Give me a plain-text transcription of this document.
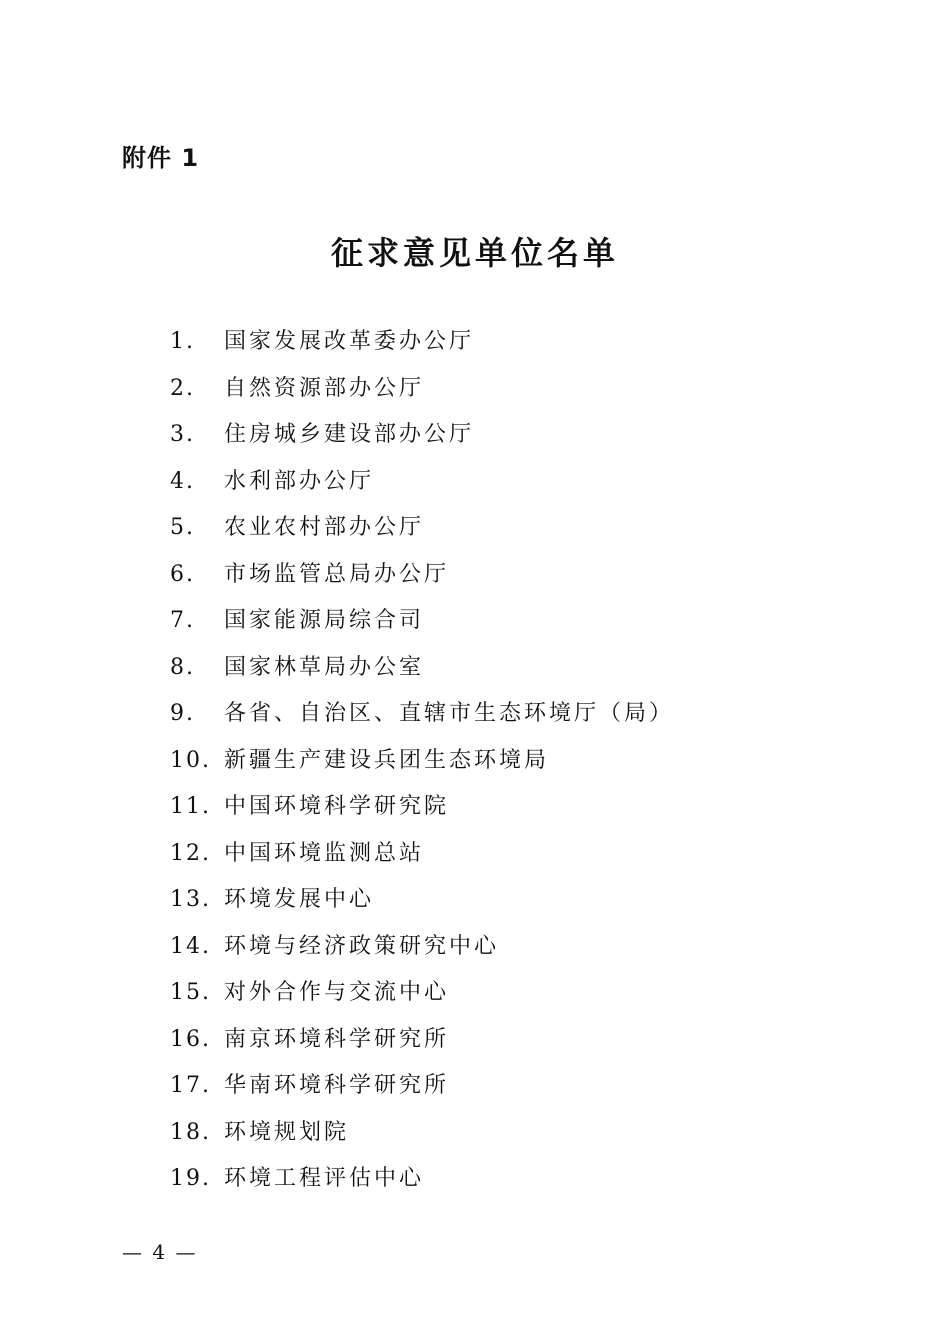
附件 1
征求意见单位名单
1. 国家发展改革委办公厅
2. 自然资源部办公厅
3. 住房城乡建设部办公厅
4. 水利部办公厅
5. 农业农村部办公厅
6. 市场监管总局办公厅
7. 国家能源局综合司
8. 国家林草局办公室
9. 各省、自治区、直辖市生态环境厅（局）
10. 新疆生产建设兵团生态环境局
11. 中国环境科学研究院
12. 中国环境监测总站
13. 环境发展中心
14. 环境与经济政策研究中心
15. 对外合作与交流中心
16. 南京环境科学研究所
17. 华南环境科学研究所
18. 环境规划院
19. 环境工程评估中心
— 4 —
